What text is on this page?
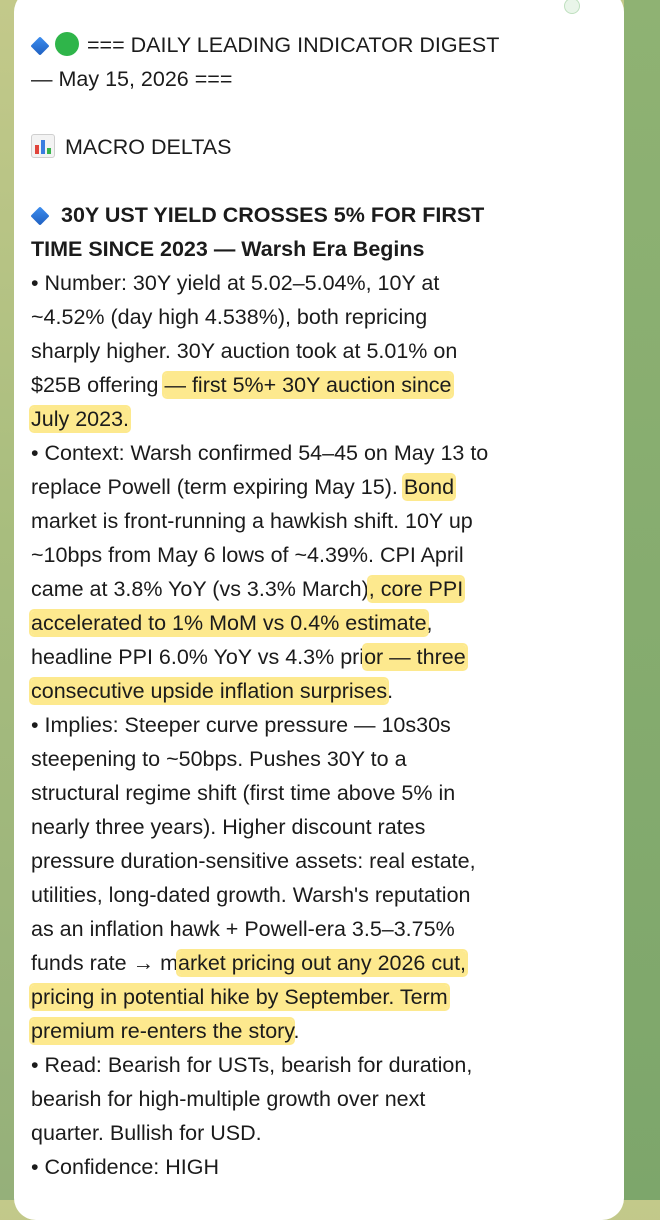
=== DAILY LEADING INDICATOR DIGEST
— May 15, 2026 ===
MACRO DELTAS
30Y UST YIELD CROSSES 5% FOR FIRST
TIME SINCE 2023 — Warsh Era Begins
• Number: 30Y yield at 5.02–5.04%, 10Y at
~4.52% (day high 4.538%), both repricing
sharply higher. 30Y auction took at 5.01% on
$25B offering — first 5%+ 30Y auction since
July 2023.
• Context: Warsh confirmed 54–45 on May 13 to
replace Powell (term expiring May 15). Bond
market is front-running a hawkish shift. 10Y up
~10bps from May 6 lows of ~4.39%. CPI April
came at 3.8% YoY (vs 3.3% March), core PPI
accelerated to 1% MoM vs 0.4% estimate,
headline PPI 6.0% YoY vs 4.3% prior — three
consecutive upside inflation surprises.
• Implies: Steeper curve pressure — 10s30s
steepening to ~50bps. Pushes 30Y to a
structural regime shift (first time above 5% in
nearly three years). Higher discount rates
pressure duration-sensitive assets: real estate,
utilities, long-dated growth. Warsh's reputation
as an inflation hawk + Powell-era 3.5–3.75%
funds rate → market pricing out any 2026 cut,
pricing in potential hike by September. Term
premium re-enters the story.
• Read: Bearish for USTs, bearish for duration,
bearish for high-multiple growth over next
quarter. Bullish for USD.
• Confidence: HIGH
